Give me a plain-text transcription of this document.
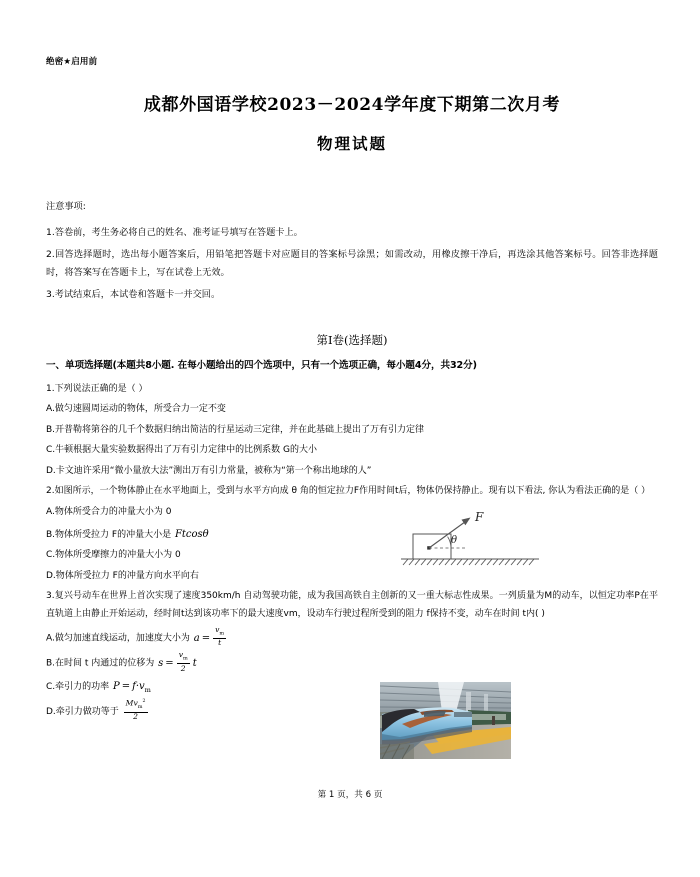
绝密★启用前
成都外国语学校2023－2024学年度下期第二次月考
物理试题
注意事项:
1.答卷前，考生务必将自己的姓名、准考证号填写在答题卡上。
2.回答选择题时，选出每小题答案后，用铅笔把答题卡对应题目的答案标号涂黑；如需改动，用橡皮擦干净后，再选涂其他答案标号。回答非选择题时，将答案写在答题卡上，写在试卷上无效。
3.考试结束后，本试卷和答题卡一并交回。
第Ⅰ卷(选择题)
一、单项选择题(本题共8小题. 在每小题给出的四个选项中，只有一个选项正确，每小题4分，共32分)
1.下列说法正确的是（ ）
A.做匀速圆周运动的物体，所受合力一定不变
B.开普勒将第谷的几千个数据归纳出简洁的行星运动三定律，并在此基础上提出了万有引力定律
C.牛顿根据大量实验数据得出了万有引力定律中的比例系数 G的大小
D.卡文迪许采用“微小量放大法”测出万有引力常量，被称为“第一个称出地球的人”
2.如图所示，一个物体静止在水平地面上，受到与水平方向成 θ 角的恒定拉力F作用时间t后，物体仍保持静止。现有以下看法, 你认为看法正确的是（ ）
A.物体所受合力的冲量大小为 0
B.物体所受拉力 F的冲量大小是 Ftcosθ
C.物体所受摩擦力的冲量大小为 0
D.物体所受拉力 F的冲量方向水平向右
3.复兴号动车在世界上首次实现了速度350km/h 自动驾驶功能，成为我国高铁自主创新的又一重大标志性成果。一列质量为M的动车，以恒定功率P在平直轨道上由静止开始运动，经时间t达到该功率下的最大速度vm，设动车行驶过程所受到的阻力 f保持不变，动车在时间 t内( )
A.做匀加速直线运动，加速度大小为 $a = \frac{v_m}{t}$
B.在时间 t 内通过的位移为 $s = \frac{v_m}{2}$ t
C.牵引力的功率 $P = f\cdot v_m$
D.牵引力做功等于 $\frac{Mv_m^2}{2}$
F
θ
第 1 页，共 6 页
